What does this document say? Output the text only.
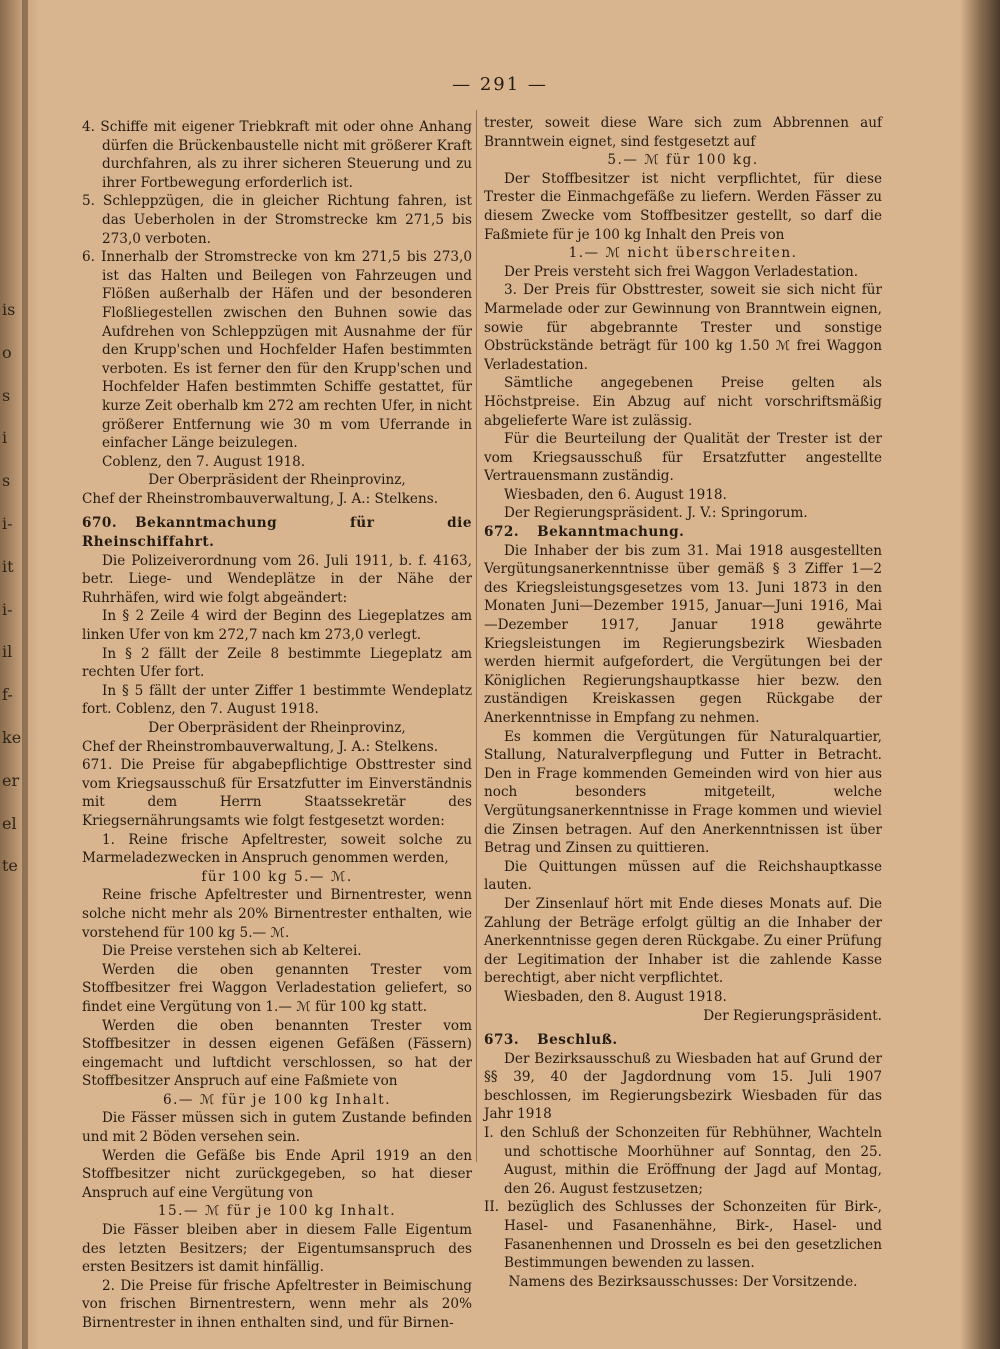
is
o
s
i
s
i-
it
i-
il
f-
ke
er
el
te
— 291 —

4. Schiffe mit eigener Triebkraft mit oder ohne Anhang dürfen die Brückenbaustelle nicht mit größerer Kraft durchfahren, als zu ihrer sicheren Steuerung und zu ihrer Fortbewegung erforderlich ist.

5. Schleppzügen, die in gleicher Richtung fahren, ist das Ueberholen in der Stromstrecke km 271,5 bis 273,0 verboten.

6. Innerhalb der Stromstrecke von km 271,5 bis 273,0 ist das Halten und Beilegen von Fahrzeugen und Flößen außerhalb der Häfen und der besonderen Floßliegestellen zwischen den Buhnen sowie das Aufdrehen von Schleppzügen mit Ausnahme der für den Krupp'schen und Hochfelder Hafen bestimmten verboten. Es ist ferner den für den Krupp'schen und Hochfelder Hafen bestimmten Schiffe gestattet, für kurze Zeit oberhalb km 272 am rechten Ufer, in nicht größerer Entfernung wie 30 m vom Uferrande in einfacher Länge beizulegen.

Coblenz, den 7. August 1918.

Der Oberpräsident der Rheinprovinz,

Chef der Rheinstrombauverwaltung, J. A.: Stelkens.

670. Bekanntmachung für die Rheinschiffahrt.

Die Polizeiverordnung vom 26. Juli 1911, b. f. 4163, betr. Liege- und Wendeplätze in der Nähe der Ruhrhäfen, wird wie folgt abgeändert:

In § 2 Zeile 4 wird der Beginn des Liegeplatzes am linken Ufer von km 272,7 nach km 273,0 verlegt.

In § 2 fällt der Zeile 8 bestimmte Liegeplatz am rechten Ufer fort.

In § 5 fällt der unter Ziffer 1 bestimmte Wendeplatz fort. Coblenz, den 7. August 1918.

Der Oberpräsident der Rheinprovinz,

Chef der Rheinstrombauverwaltung, J. A.: Stelkens.

671. Die Preise für abgabepflichtige Obsttrester sind vom Kriegsausschuß für Ersatzfutter im Einverständnis mit dem Herrn Staatssekretär des Kriegsernährungsamts wie folgt festgesetzt worden:

1. Reine frische Apfeltrester, soweit solche zu Marmeladezwecken in Anspruch genommen werden,

für 100 kg 5.— ℳ.

Reine frische Apfeltrester und Birnentrester, wenn solche nicht mehr als 20% Birnentrester enthalten, wie vorstehend für 100 kg 5.— ℳ.

Die Preise verstehen sich ab Kelterei.

Werden die oben genannten Trester vom Stoffbesitzer frei Waggon Verladestation geliefert, so findet eine Vergütung von 1.— ℳ für 100 kg statt.

Werden die oben benannten Trester vom Stoffbesitzer in dessen eigenen Gefäßen (Fässern) eingemacht und luftdicht verschlossen, so hat der Stoffbesitzer Anspruch auf eine Faßmiete von

6.— ℳ für je 100 kg Inhalt.

Die Fässer müssen sich in gutem Zustande befinden und mit 2 Böden versehen sein.

Werden die Gefäße bis Ende April 1919 an den Stoffbesitzer nicht zurückgegeben, so hat dieser Anspruch auf eine Vergütung von

15.— ℳ für je 100 kg Inhalt.

Die Fässer bleiben aber in diesem Falle Eigentum des letzten Besitzers; der Eigentumsanspruch des ersten Besitzers ist damit hinfällig.

2. Die Preise für frische Apfeltrester in Beimischung von frischen Birnentrestern, wenn mehr als 20% Birnentrester in ihnen enthalten sind, und für Birnen-

trester, soweit diese Ware sich zum Abbrennen auf Branntwein eignet, sind festgesetzt auf

5.— ℳ für 100 kg.

Der Stoffbesitzer ist nicht verpflichtet, für diese Trester die Einmachgefäße zu liefern. Werden Fässer zu diesem Zwecke vom Stoffbesitzer gestellt, so darf die Faßmiete für je 100 kg Inhalt den Preis von

1.— ℳ nicht überschreiten.

Der Preis versteht sich frei Waggon Verladestation.

3. Der Preis für Obsttrester, soweit sie sich nicht für Marmelade oder zur Gewinnung von Branntwein eignen, sowie für abgebrannte Trester und sonstige Obstrückstände beträgt für 100 kg 1.50 ℳ frei Waggon Verladestation.

Sämtliche angegebenen Preise gelten als Höchstpreise. Ein Abzug auf nicht vorschriftsmäßig abgelieferte Ware ist zulässig.

Für die Beurteilung der Qualität der Trester ist der vom Kriegsausschuß für Ersatzfutter angestellte Vertrauensmann zuständig.

Wiesbaden, den 6. August 1918.

Der Regierungspräsident. J. V.: Springorum.

672. Bekanntmachung.

Die Inhaber der bis zum 31. Mai 1918 ausgestellten Vergütungsanerkenntnisse über gemäß § 3 Ziffer 1—2 des Kriegsleistungsgesetzes vom 13. Juni 1873 in den Monaten Juni—Dezember 1915, Januar—Juni 1916, Mai—Dezember 1917, Januar 1918 gewährte Kriegsleistungen im Regierungsbezirk Wiesbaden werden hiermit aufgefordert, die Vergütungen bei der Königlichen Regierungshauptkasse hier bezw. den zuständigen Kreiskassen gegen Rückgabe der Anerkenntnisse in Empfang zu nehmen.

Es kommen die Vergütungen für Naturalquartier, Stallung, Naturalverpflegung und Futter in Betracht. Den in Frage kommenden Gemeinden wird von hier aus noch besonders mitgeteilt, welche Vergütungsanerkenntnisse in Frage kommen und wieviel die Zinsen betragen. Auf den Anerkenntnissen ist über Betrag und Zinsen zu quittieren.

Die Quittungen müssen auf die Reichshauptkasse lauten.

Der Zinsenlauf hört mit Ende dieses Monats auf. Die Zahlung der Beträge erfolgt gültig an die Inhaber der Anerkenntnisse gegen deren Rückgabe. Zu einer Prüfung der Legitimation der Inhaber ist die zahlende Kasse berechtigt, aber nicht verpflichtet.

Wiesbaden, den 8. August 1918.

Der Regierungspräsident.

673. Beschluß.

Der Bezirksausschuß zu Wiesbaden hat auf Grund der §§ 39, 40 der Jagdordnung vom 15. Juli 1907 beschlossen, im Regierungsbezirk Wiesbaden für das Jahr 1918

I. den Schluß der Schonzeiten für Rebhühner, Wachteln und schottische Moorhühner auf Sonntag, den 25. August, mithin die Eröffnung der Jagd auf Montag, den 26. August festzusetzen;

II. bezüglich des Schlusses der Schonzeiten für Birk-, Hasel- und Fasanenhähne, Birk-, Hasel- und Fasanenhennen und Drosseln es bei den gesetzlichen Bestimmungen bewenden zu lassen.

Namens des Bezirksausschusses: Der Vorsitzende.
